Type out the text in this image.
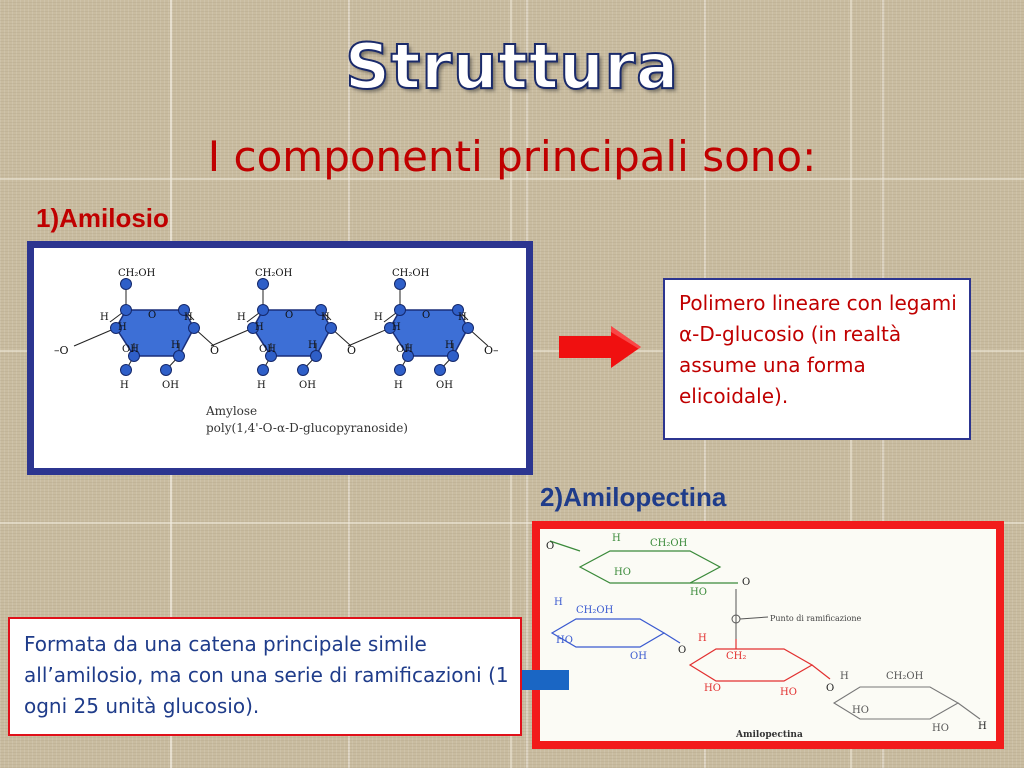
Struttura
I componenti principali sono:
1)Amilosio
CH₂OH
H
H
H
H
OH
H	OH
O
CH₂OH
H
H
H
H
OH
H	OH
O
CH₂OH
H
H
H
H
OH
H	OH
O
–O	O	O	O–
Amylose
poly(1,4'-O-α-D-glucopyranoside)
Polimero lineare con legami α-D-glucosio (in realtà assume una forma elicoidale).
2)Amilopectina
O
H	CH₂OH
HO
HO
O
Punto di ramificazione
H
CH₂OH
HO
OH
O
H
CH₂
HO	HO	O
H	CH₂OH
HO
HO	H
Amilopectina
Formata da una catena principale simile all’amilosio, ma con una serie di ramificazioni (1 ogni 25 unità glucosio).
